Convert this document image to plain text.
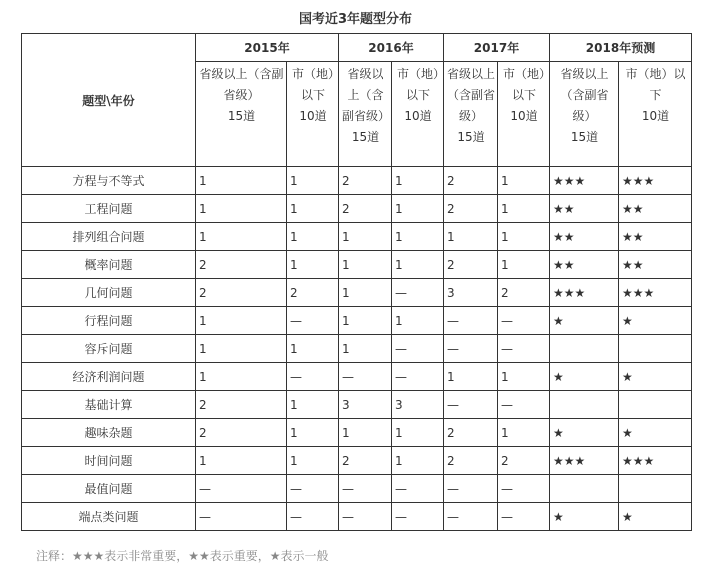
国考近3年题型分布
题型\年份	2015年		2016年		2017年		2018年预测	

	省级以上（含副省级）
15道	市（地）以下
10道	省级以上（含副省级）
15道	市（地）以下
10道	省级以上（含副省级）
15道	市（地）以下
10道	省级以上（含副省级）
15道	市（地）以下
10道

方程与不等式	1	1	2	1	2	1	★★★	★★★
工程问题	1	1	2	1	2	1	★★	★★
排列组合问题	1	1	1	1	1	1	★★	★★
概率问题	2	1	1	1	2	1	★★	★★
几何问题	2	2	1	—	3	2	★★★	★★★
行程问题	1	—	1	1	—	—	★	★
容斥问题	1	1	1	—	—	—		
经济利润问题	1	—	—	—	1	1	★	★
基础计算	2	1	3	3	—	—		
趣味杂题	2	1	1	1	2	1	★	★
时间问题	1	1	2	1	2	2	★★★	★★★
最值问题	—	—	—	—	—	—		
端点类问题	—	—	—	—	—	—	★	★
注释：★★★表示非常重要，★★表示重要，★表示一般
